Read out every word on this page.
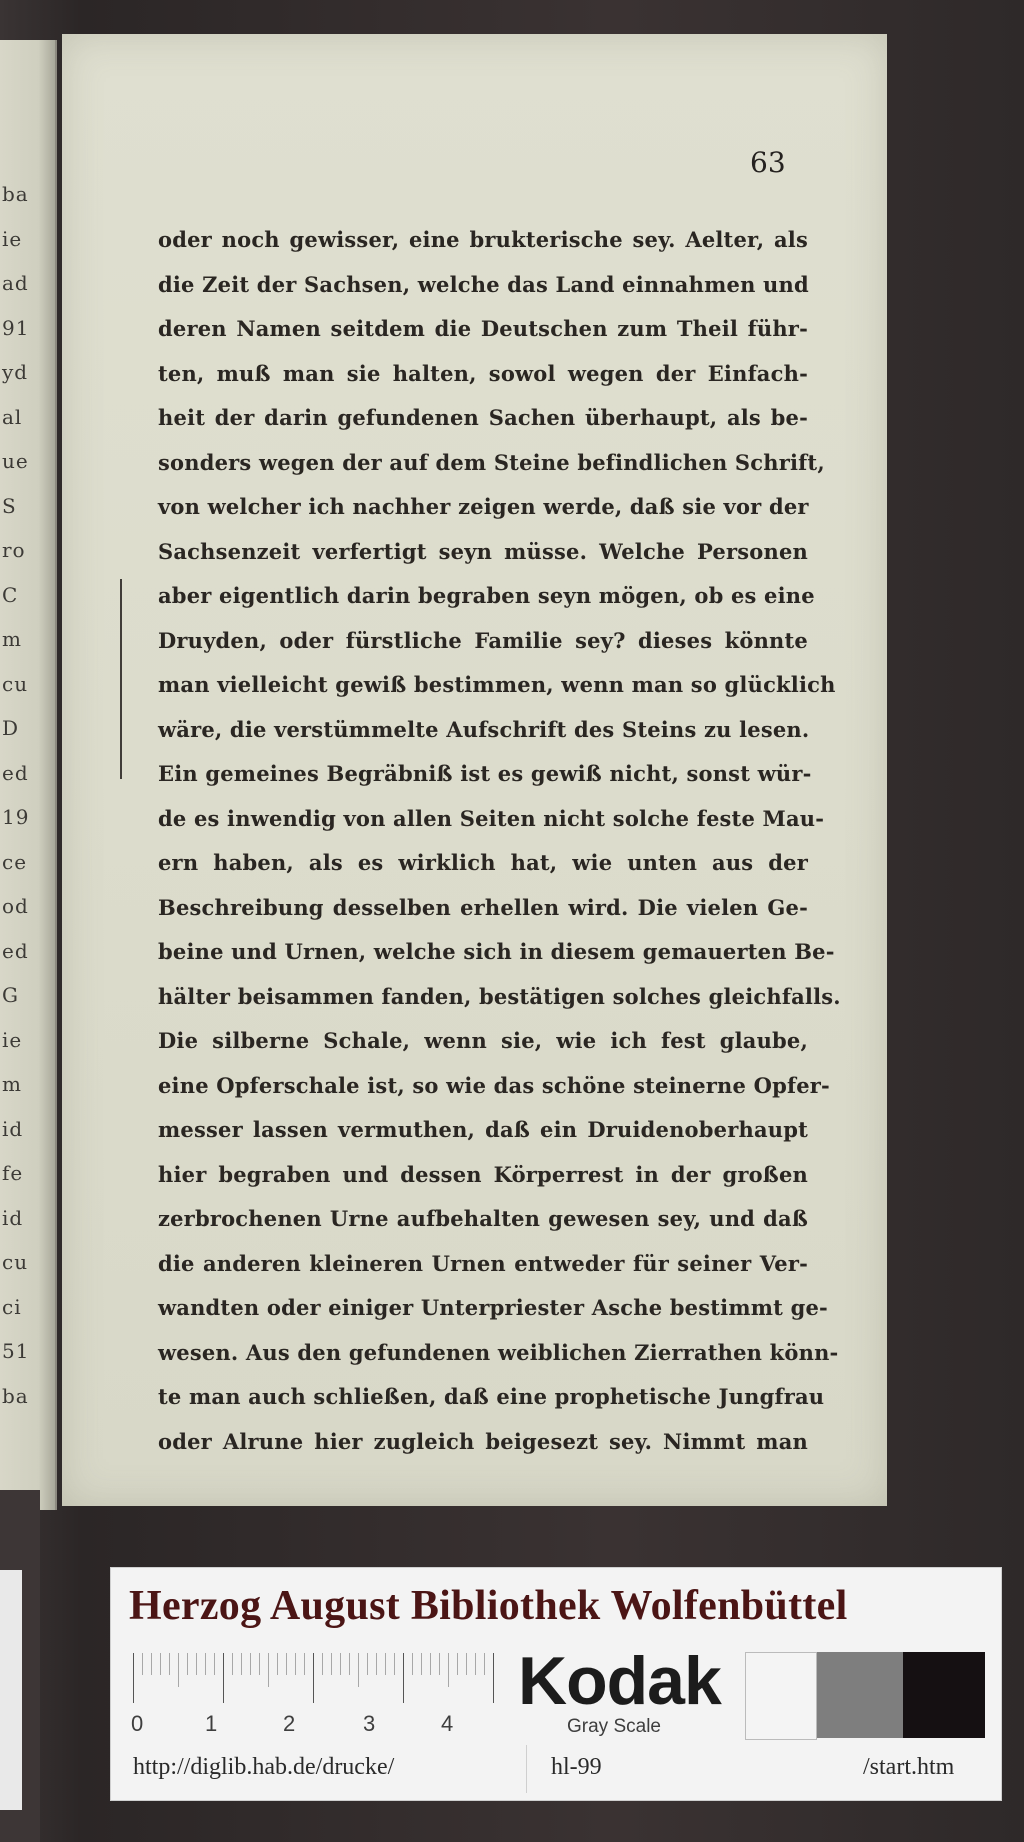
ba
ie
ad
91
yd
al
ue
S
ro
C
m
cu
D
ed
19
ce
od
ed
G
ie
m
id
fe
id
cu
ci
51
ba
63
oder noch gewisser, eine brukterische sey. Aelter, als
die Zeit der Sachsen, welche das Land einnahmen und
deren Namen seitdem die Deutschen zum Theil führ-
ten, muß man sie halten, sowol wegen der Einfach-
heit der darin gefundenen Sachen überhaupt, als be-
sonders wegen der auf dem Steine befindlichen Schrift,
von welcher ich nachher zeigen werde, daß sie vor der
Sachsenzeit verfertigt seyn müsse. Welche Personen
aber eigentlich darin begraben seyn mögen, ob es eine
Druyden, oder fürstliche Familie sey? dieses könnte
man vielleicht gewiß bestimmen, wenn man so glücklich
wäre, die verstümmelte Aufschrift des Steins zu lesen.
Ein gemeines Begräbniß ist es gewiß nicht, sonst wür-
de es inwendig von allen Seiten nicht solche feste Mau-
ern haben, als es wirklich hat, wie unten aus der
Beschreibung desselben erhellen wird. Die vielen Ge-
beine und Urnen, welche sich in diesem gemauerten Be-
hälter beisammen fanden, bestätigen solches gleichfalls.
Die silberne Schale, wenn sie, wie ich fest glaube,
eine Opferschale ist, so wie das schöne steinerne Opfer-
messer lassen vermuthen, daß ein Druidenoberhaupt
hier begraben und dessen Körperrest in der großen
zerbrochenen Urne aufbehalten gewesen sey, und daß
die anderen kleineren Urnen entweder für seiner Ver-
wandten oder einiger Unterpriester Asche bestimmt ge-
wesen. Aus den gefundenen weiblichen Zierrathen könn-
te man auch schließen, daß eine prophetische Jungfrau
oder Alrune hier zugleich beigesezt sey. Nimmt man
Herzog August Bibliothek Wolfenbüttel
0	1	2	3	4
Kodak
Gray Scale
http://diglib.hab.de/drucke/	hl-99	/start.htm
